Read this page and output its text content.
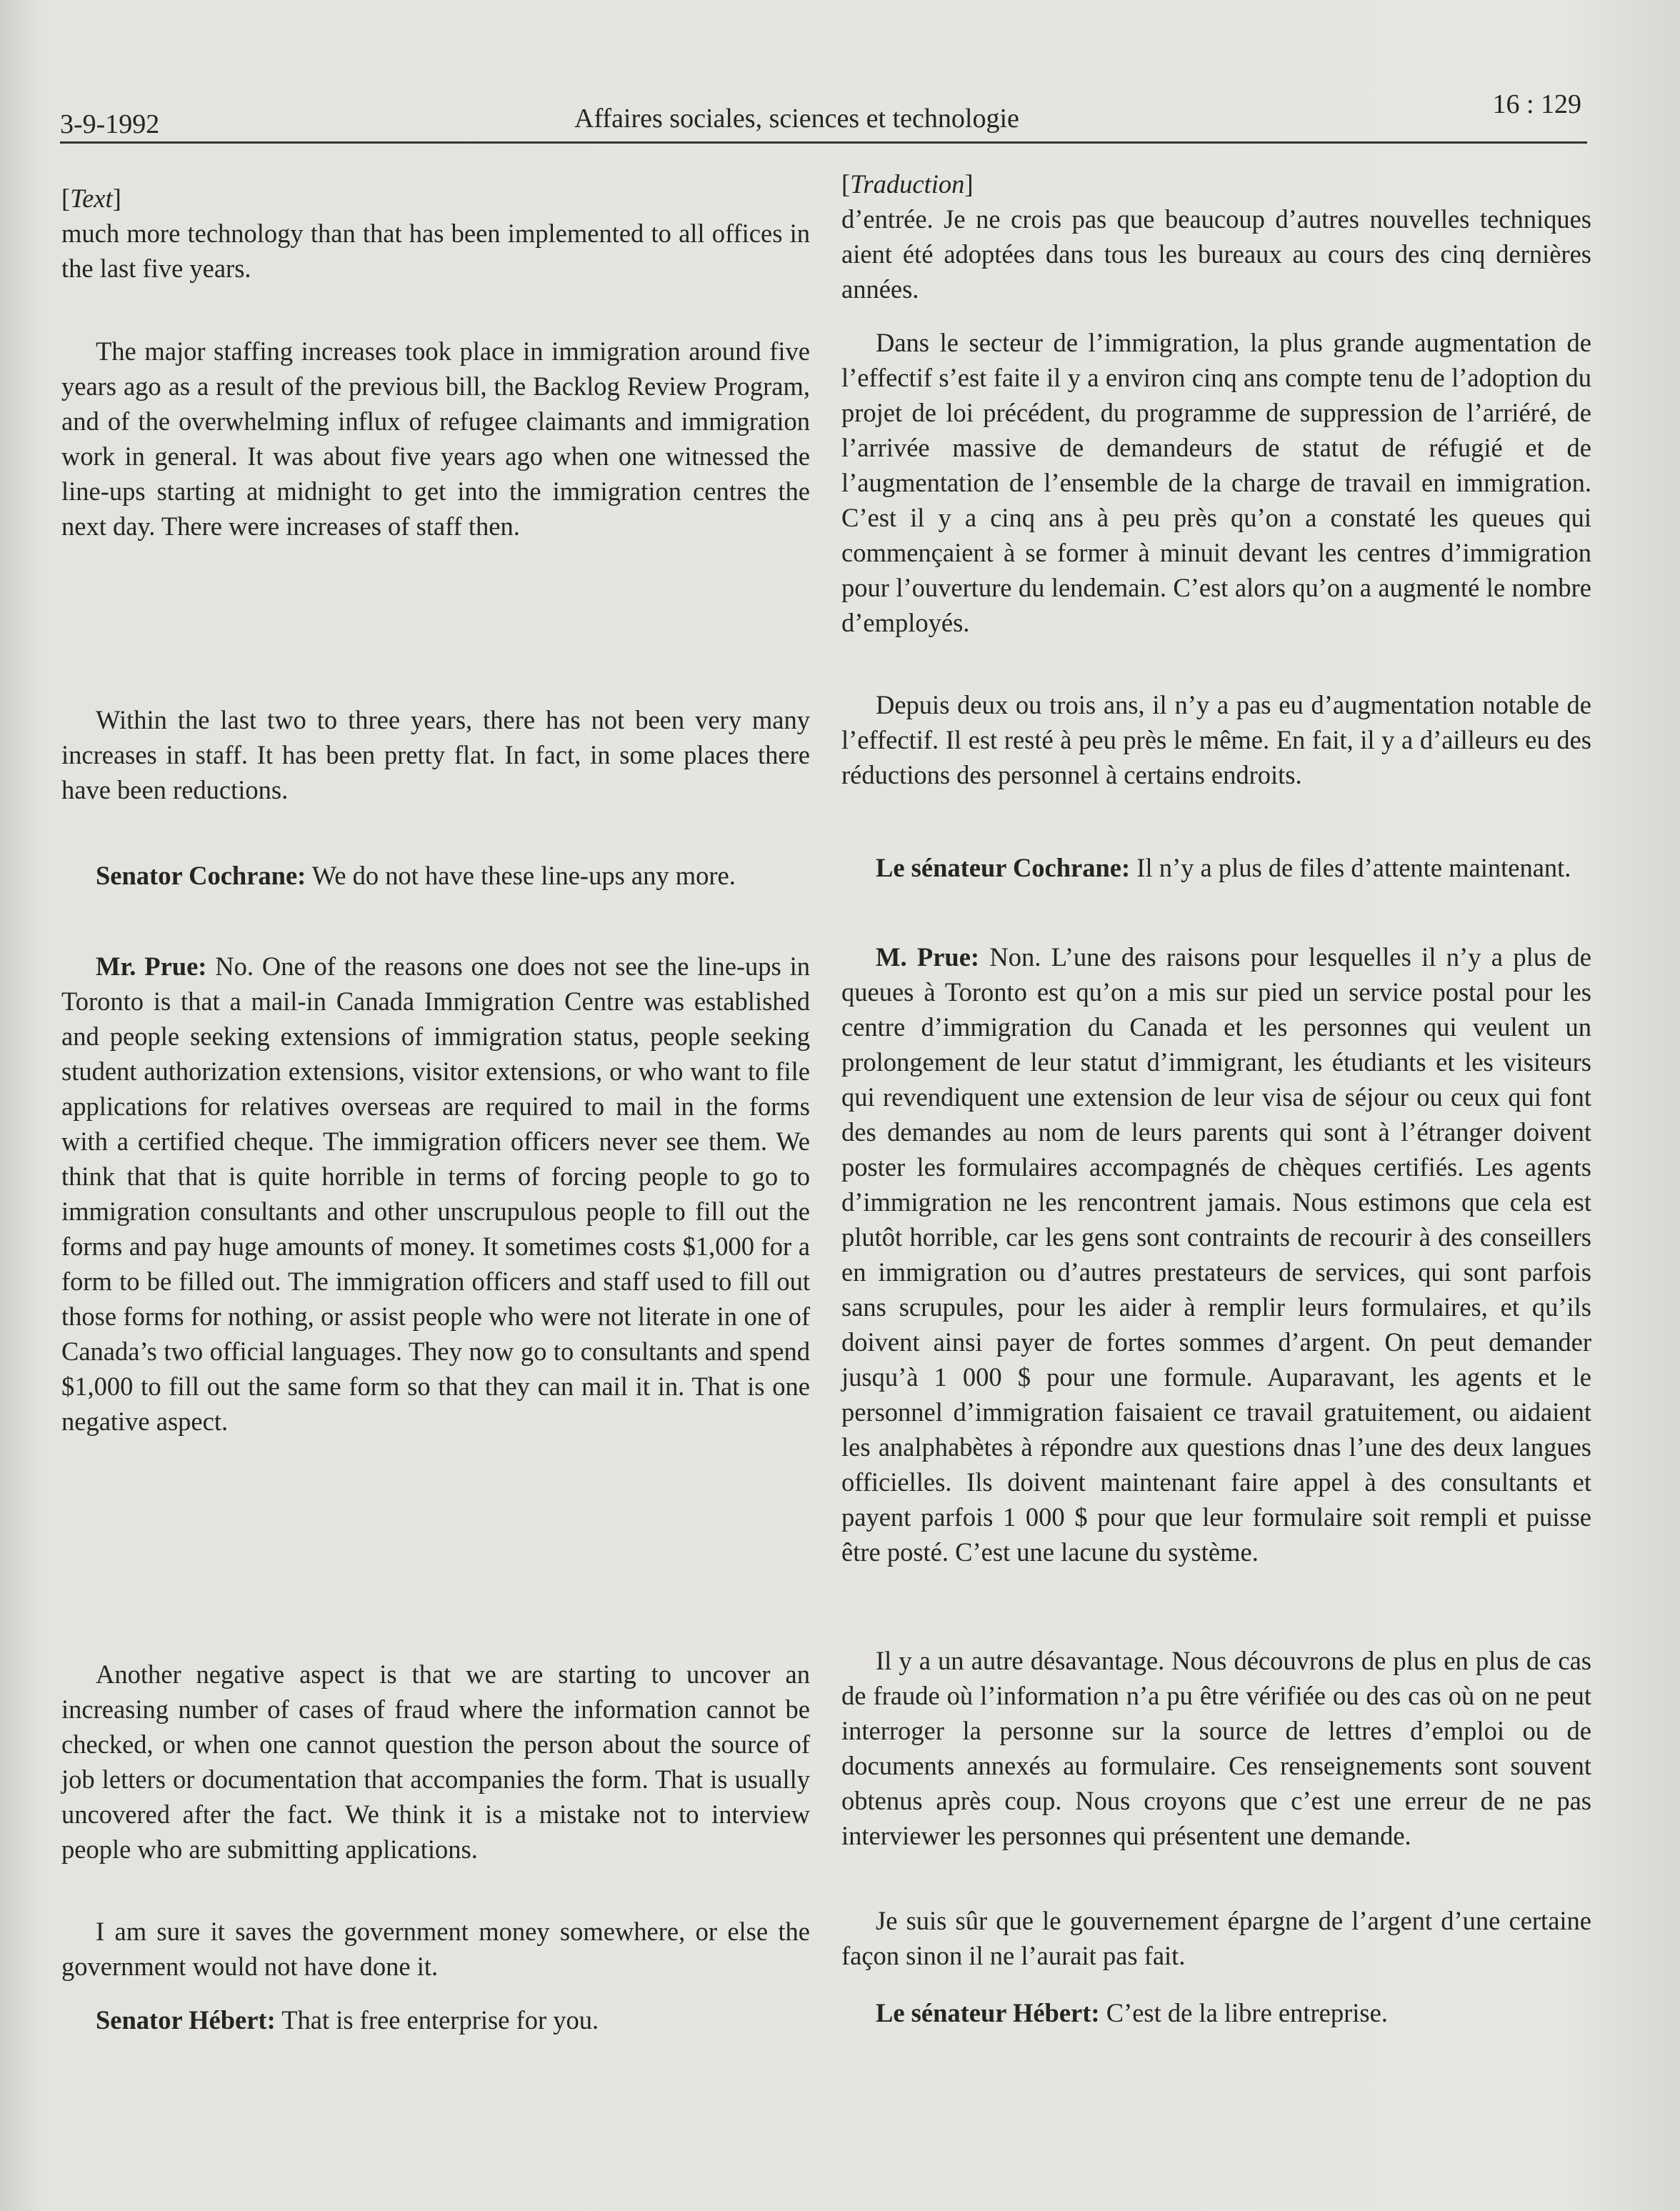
3-9-1992	Affaires sociales, sciences et technologie	16 : 129
[Text]

much more technology than that has been implemented to all offices in the last five years.

The major staffing increases took place in immigration around five years ago as a result of the previous bill, the Backlog Review Program, and of the overwhelming influx of refugee claimants and immigration work in general. It was about five years ago when one witnessed the line-ups starting at midnight to get into the immigration centres the next day. There were increases of staff then.

Within the last two to three years, there has not been very many increases in staff. It has been pretty flat. In fact, in some places there have been reductions.

Senator Cochrane: We do not have these line-ups any more.

Mr. Prue: No. One of the reasons one does not see the line-ups in Toronto is that a mail-in Canada Immigration Centre was established and people seeking extensions of immigration status, people seeking student authorization extensions, visitor extensions, or who want to file applications for relatives overseas are required to mail in the forms with a certified cheque. The immigration officers never see them. We think that that is quite horrible in terms of forcing people to go to immigration consultants and other unscrupulous people to fill out the forms and pay huge amounts of money. It sometimes costs $1,000 for a form to be filled out. The immigration officers and staff used to fill out those forms for nothing, or assist people who were not literate in one of Canada’s two official languages. They now go to consultants and spend $1,000 to fill out the same form so that they can mail it in. That is one negative aspect.

Another negative aspect is that we are starting to uncover an increasing number of cases of fraud where the information cannot be checked, or when one cannot question the person about the source of job letters or documentation that accompanies the form. That is usually uncovered after the fact. We think it is a mistake not to interview people who are submitting applications.

I am sure it saves the government money somewhere, or else the government would not have done it.

Senator Hébert: That is free enterprise for you.

[Traduction]

d’entrée. Je ne crois pas que beaucoup d’autres nouvelles techniques aient été adoptées dans tous les bureaux au cours des cinq dernières années.

Dans le secteur de l’immigration, la plus grande augmentation de l’effectif s’est faite il y a environ cinq ans compte tenu de l’adoption du projet de loi précédent, du programme de suppression de l’arriéré, de l’arrivée massive de demandeurs de statut de réfugié et de l’augmentation de l’ensemble de la charge de travail en immigration. C’est il y a cinq ans à peu près qu’on a constaté les queues qui commençaient à se former à minuit devant les centres d’immigration pour l’ouverture du lendemain. C’est alors qu’on a augmenté le nombre d’employés.

Depuis deux ou trois ans, il n’y a pas eu d’augmentation notable de l’effectif. Il est resté à peu près le même. En fait, il y a d’ailleurs eu des réductions des personnel à certains endroits.

Le sénateur Cochrane: Il n’y a plus de files d’attente maintenant.

M. Prue: Non. L’une des raisons pour lesquelles il n’y a plus de queues à Toronto est qu’on a mis sur pied un service postal pour les centre d’immigration du Canada et les personnes qui veulent un prolongement de leur statut d’immigrant, les étudiants et les visiteurs qui revendiquent une extension de leur visa de séjour ou ceux qui font des demandes au nom de leurs parents qui sont à l’étranger doivent poster les formulaires accompagnés de chèques certifiés. Les agents d’immigration ne les rencontrent jamais. Nous estimons que cela est plutôt horrible, car les gens sont contraints de recourir à des conseillers en immigration ou d’autres prestateurs de services, qui sont parfois sans scrupules, pour les aider à remplir leurs formulaires, et qu’ils doivent ainsi payer de fortes sommes d’argent. On peut demander jusqu’à 1 000 $ pour une formule. Auparavant, les agents et le personnel d’immigration faisaient ce travail gratuitement, ou aidaient les analphabètes à répondre aux questions dnas l’une des deux langues officielles. Ils doivent maintenant faire appel à des consultants et payent parfois 1 000 $ pour que leur formulaire soit rempli et puisse être posté. C’est une lacune du système.

Il y a un autre désavantage. Nous découvrons de plus en plus de cas de fraude où l’information n’a pu être vérifiée ou des cas où on ne peut interroger la personne sur la source de lettres d’emploi ou de documents annexés au formulaire. Ces renseignements sont souvent obtenus après coup. Nous croyons que c’est une erreur de ne pas interviewer les personnes qui présentent une demande.

Je suis sûr que le gouvernement épargne de l’argent d’une certaine façon sinon il ne l’aurait pas fait.

Le sénateur Hébert: C’est de la libre entreprise.
